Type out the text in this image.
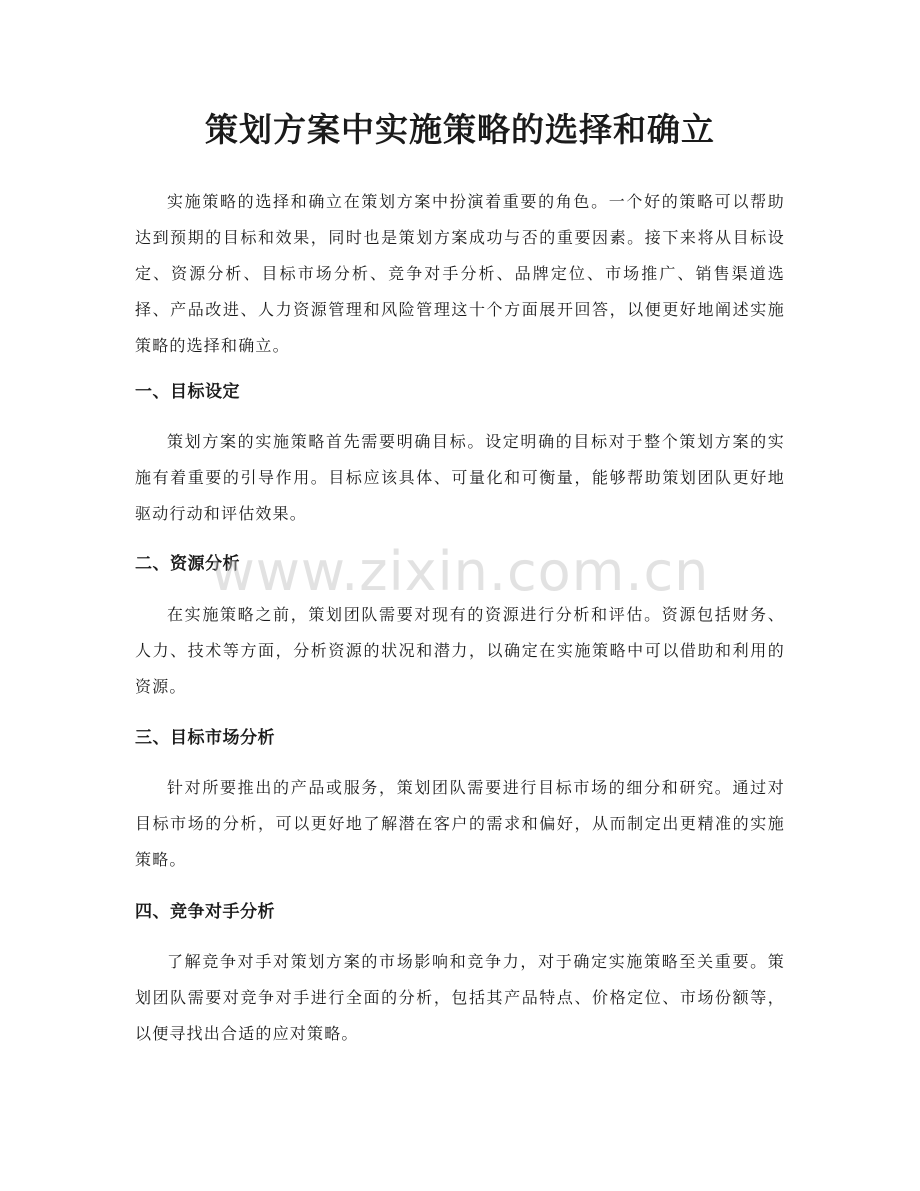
策划方案中实施策略的选择和确立

实施策略的选择和确立在策划方案中扮演着重要的角色。一个好的策略可以帮助达到预期的目标和效果，同时也是策划方案成功与否的重要因素。接下来将从目标设定、资源分析、目标市场分析、竞争对手分析、品牌定位、市场推广、销售渠道选择、产品改进、人力资源管理和风险管理这十个方面展开回答，以便更好地阐述实施策略的选择和确立。

一、目标设定

策划方案的实施策略首先需要明确目标。设定明确的目标对于整个策划方案的实施有着重要的引导作用。目标应该具体、可量化和可衡量，能够帮助策划团队更好地驱动行动和评估效果。

二、资源分析

在实施策略之前，策划团队需要对现有的资源进行分析和评估。资源包括财务、人力、技术等方面，分析资源的状况和潜力，以确定在实施策略中可以借助和利用的资源。

三、目标市场分析

针对所要推出的产品或服务，策划团队需要进行目标市场的细分和研究。通过对目标市场的分析，可以更好地了解潜在客户的需求和偏好，从而制定出更精准的实施策略。

四、竞争对手分析

了解竞争对手对策划方案的市场影响和竞争力，对于确定实施策略至关重要。策划团队需要对竞争对手进行全面的分析，包括其产品特点、价格定位、市场份额等，以便寻找出合适的应对策略。

www.zixin.com.cn
